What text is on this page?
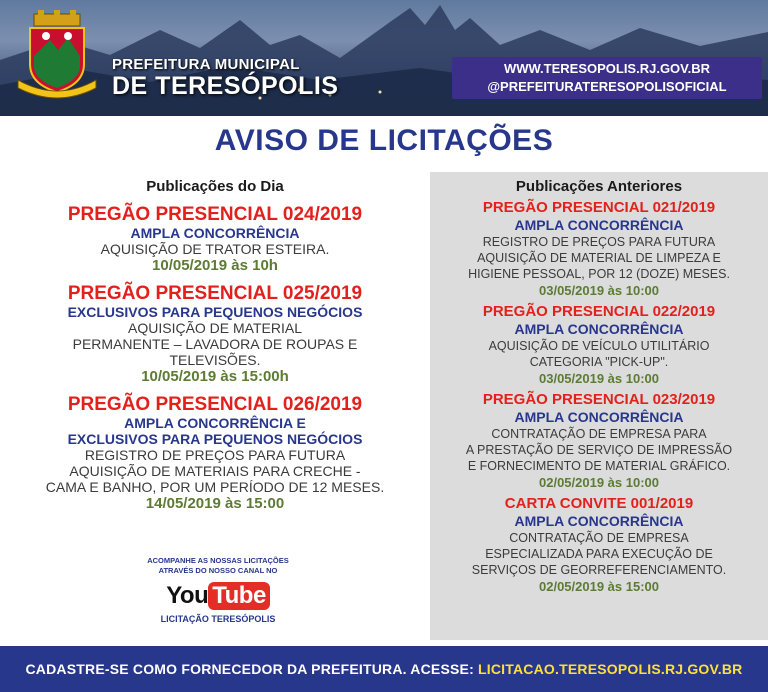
PREFEITURA MUNICIPAL
DE TERESÓPOLIS
WWW.TERESOPOLIS.RJ.GOV.BR
@PREFEITURATERESOPOLISOFICIAL
AVISO DE LICITAÇÕES
Publicações do Dia
PREGÃO PRESENCIAL 024/2019
AMPLA CONCORRÊNCIA
AQUISIÇÃO DE TRATOR ESTEIRA.
10/05/2019 às 10h
PREGÃO PRESENCIAL 025/2019
EXCLUSIVOS PARA PEQUENOS NEGÓCIOS
AQUISIÇÃO DE MATERIAL
PERMANENTE – LAVADORA DE ROUPAS E
TELEVISÕES.
10/05/2019 às 15:00h
PREGÃO PRESENCIAL 026/2019
AMPLA CONCORRÊNCIA E
EXCLUSIVOS PARA PEQUENOS NEGÓCIOS
REGISTRO DE PREÇOS PARA FUTURA
AQUISIÇÃO DE MATERIAIS PARA CRECHE -
CAMA E BANHO, POR UM PERÍODO DE 12 MESES.
14/05/2019 às 15:00
ACOMPANHE AS NOSSAS LICITAÇÕES
ATRAVÉS DO NOSSO CANAL NO
You Tube
LICITAÇÃO TERESÓPOLIS
Publicações Anteriores
PREGÃO PRESENCIAL 021/2019
AMPLA CONCORRÊNCIA
REGISTRO DE PREÇOS PARA FUTURA
AQUISIÇÃO DE MATERIAL DE LIMPEZA E
HIGIENE PESSOAL, POR 12 (DOZE) MESES.
03/05/2019 às 10:00
PREGÃO PRESENCIAL 022/2019
AMPLA CONCORRÊNCIA
AQUISIÇÃO DE VEÍCULO UTILITÁRIO
CATEGORIA "PICK-UP".
03/05/2019 às 10:00
PREGÃO PRESENCIAL 023/2019
AMPLA CONCORRÊNCIA
CONTRATAÇÃO DE EMPRESA PARA
A PRESTAÇÃO DE SERVIÇO DE IMPRESSÃO
E FORNECIMENTO DE MATERIAL GRÁFICO.
02/05/2019 às 10:00
CARTA CONVITE 001/2019
AMPLA CONCORRÊNCIA
CONTRATAÇÃO DE EMPRESA
ESPECIALIZADA PARA EXECUÇÃO DE
SERVIÇOS DE GEORREFERENCIAMENTO.
02/05/2019 às 15:00
CADASTRE-SE COMO FORNECEDOR DA PREFEITURA. ACESSE: LICITACAO.TERESOPOLIS.RJ.GOV.BR
